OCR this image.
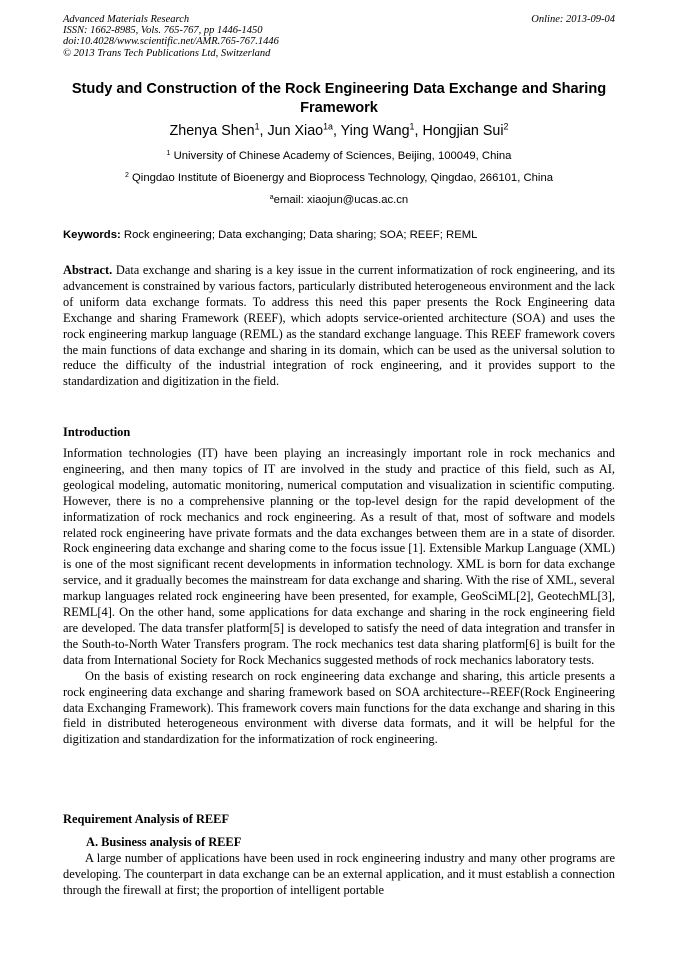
Advanced Materials Research
ISSN: 1662-8985, Vols. 765-767, pp 1446-1450
doi:10.4028/www.scientific.net/AMR.765-767.1446
© 2013 Trans Tech Publications Ltd, Switzerland
Online: 2013-09-04
Study and Construction of the Rock Engineering Data Exchange and Sharing Framework
Zhenya Shen$^1$, Jun Xiao$^{1a}$, Ying Wang$^1$, Hongjian Sui$^2$
$^1$ University of Chinese Academy of Sciences, Beijing, 100049, China
$^2$ Qingdao Institute of Bioenergy and Bioprocess Technology, Qingdao, 266101, China
$^a$email: xiaojun@ucas.ac.cn
Keywords: Rock engineering; Data exchanging; Data sharing; SOA; REEF; REML

Abstract. Data exchange and sharing is a key issue in the current informatization of rock engineering, and its advancement is constrained by various factors, particularly distributed heterogeneous environment and the lack of uniform data exchange formats. To address this need this paper presents the Rock Engineering data Exchange and sharing Framework (REEF), which adopts service-oriented architecture (SOA) and uses the rock engineering markup language (REML) as the standard exchange language. This REEF framework covers the main functions of data exchange and sharing in its domain, which can be used as the universal solution to reduce the difficulty of the industrial integration of rock engineering, and it provides support to the standardization and digitization in the field.

Introduction

Information technologies (IT) have been playing an increasingly important role in rock mechanics and engineering, and then many topics of IT are involved in the study and practice of this field, such as AI, geological modeling, automatic monitoring, numerical computation and visualization in scientific computing. However, there is no a comprehensive planning or the top-level design for the rapid development of the informatization of rock mechanics and rock engineering. As a result of that, most of software and models related rock engineering have private formats and the data exchanges between them are in a state of disorder. Rock engineering data exchange and sharing come to the focus issue [1]. Extensible Markup Language (XML) is one of the most significant recent developments in information technology. XML is born for data exchange service, and it gradually becomes the mainstream for data exchange and sharing. With the rise of XML, several markup languages related rock engineering have been presented, for example, GeoSciML[2], GeotechML[3], REML[4]. On the other hand, some applications for data exchange and sharing in the rock engineering field are developed. The data transfer platform[5] is developed to satisfy the need of data integration and transfer in the South-to-North Water Transfers program. The rock mechanics test data sharing platform[6] is built for the data from International Society for Rock Mechanics suggested methods of rock mechanics laboratory tests.

On the basis of existing research on rock engineering data exchange and sharing, this article presents a rock engineering data exchange and sharing framework based on SOA architecture--REEF(Rock Engineering data Exchanging Framework). This framework covers main functions for the data exchange and sharing in this field in distributed heterogeneous environment with diverse data formats, and it will be helpful for the digitization and standardization for the informatization of rock engineering.

Requirement Analysis of REEF
A. Business analysis of REEF

A large number of applications have been used in rock engineering industry and many other programs are developing. The counterpart in data exchange can be an external application, and it must establish a connection through the firewall at first; the proportion of intelligent portable
